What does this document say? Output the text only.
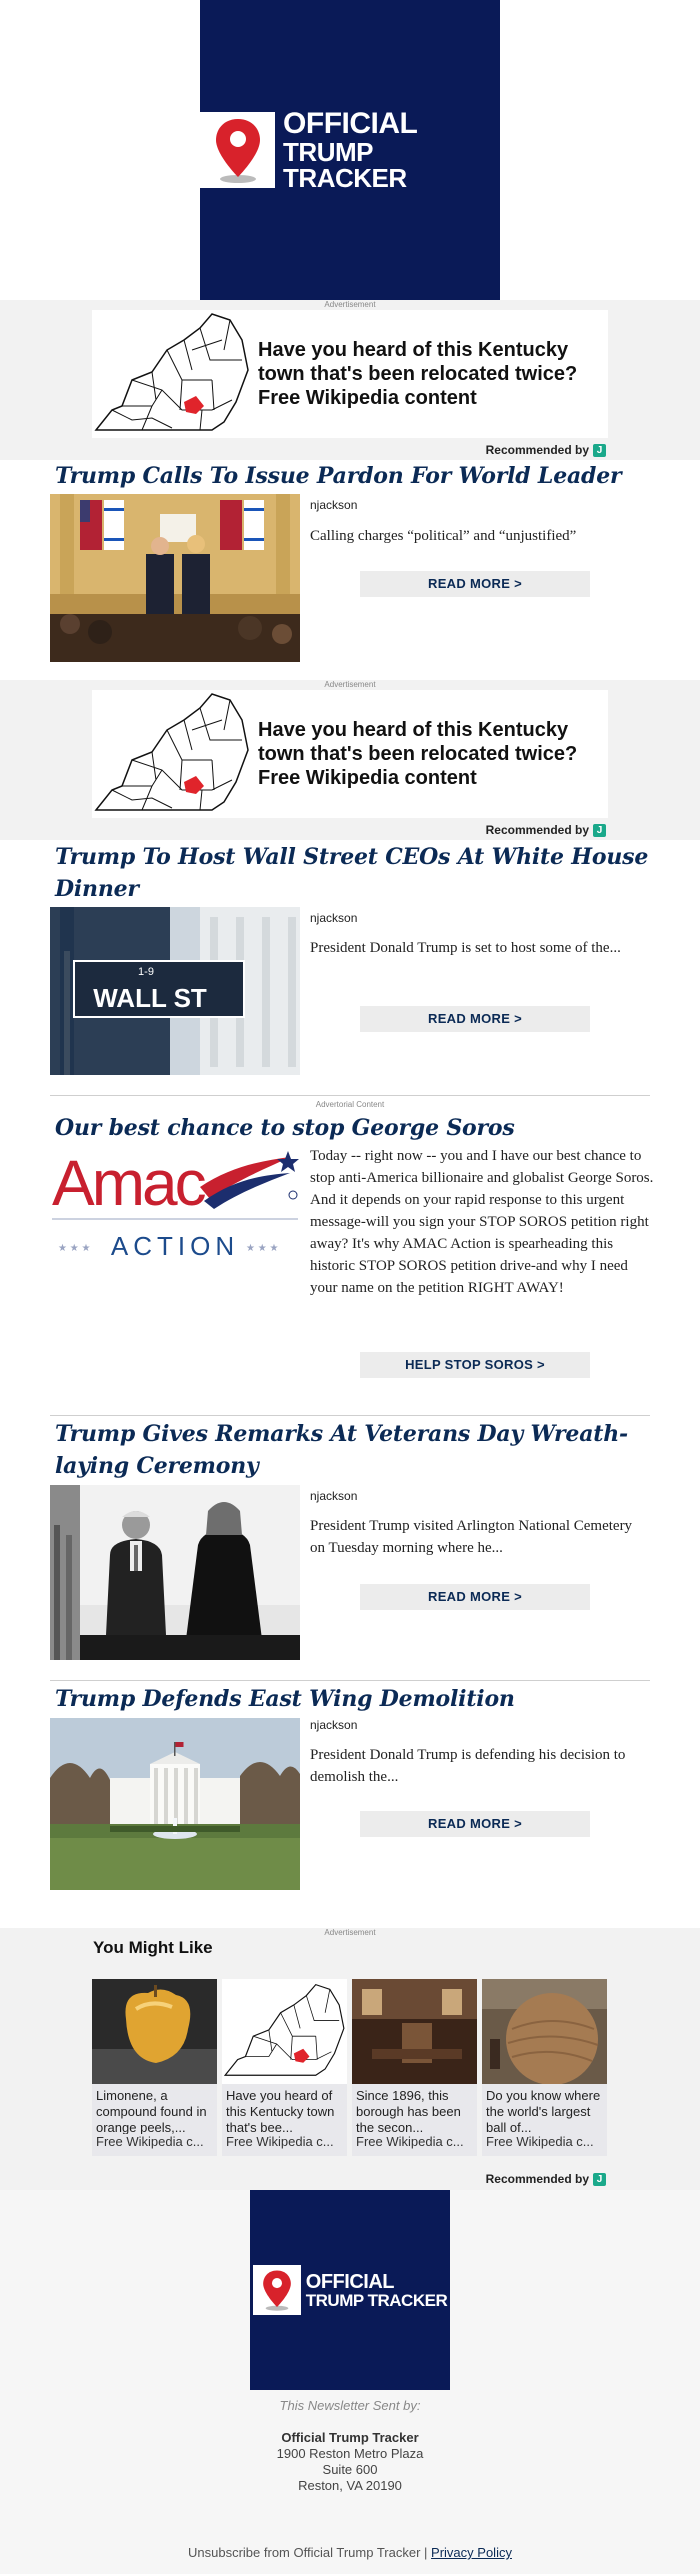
OFFICIAL
TRUMP TRACKER
Advertisement
Have you heard of this Kentucky town that's been relocated twice?
Free Wikipedia content
Recommended by J
Trump Calls To Issue Pardon For World Leader
njackson
Calling charges “political” and “unjustified”
READ MORE >
Advertisement
Have you heard of this Kentucky town that's been relocated twice?
Free Wikipedia content
Recommended by J
Trump To Host Wall Street CEOs At White House Dinner
1-9
WALL ST
njackson
President Donald Trump is set to host some of the...
READ MORE >
Advertorial Content
Our best chance to stop George Soros
Amac
ACTION
★ ★ ★	★ ★ ★
Today -- right now -- you and I have our best chance to stop anti-America billionaire and globalist George Soros. And it depends on your rapid response to this urgent message-will you sign your STOP SOROS petition right away? It's why AMAC Action is spearheading this historic STOP SOROS petition drive-and why I need your name on the petition RIGHT AWAY!
HELP STOP SOROS >
Trump Gives Remarks At Veterans Day Wreath-laying Ceremony
njackson
President Trump visited Arlington National Cemetery on Tuesday morning where he...
READ MORE >
Trump Defends East Wing Demolition
njackson
President Donald Trump is defending his decision to demolish the...
READ MORE >
Advertisement
You Might Like
Limonene, a compound found in orange peels,...
Free Wikipedia c...
Have you heard of this Kentucky town that's bee...
Free Wikipedia c...
Since 1896, this borough has been the secon...
Free Wikipedia c...
Do you know where the world's largest ball of...
Free Wikipedia c...
Recommended by J
OFFICIAL
TRUMP TRACKER
This Newsletter Sent by:
Official Trump Tracker
1900 Reston Metro Plaza
Suite 600
Reston, VA 20190
Unsubscribe from Official Trump Tracker | Privacy Policy
